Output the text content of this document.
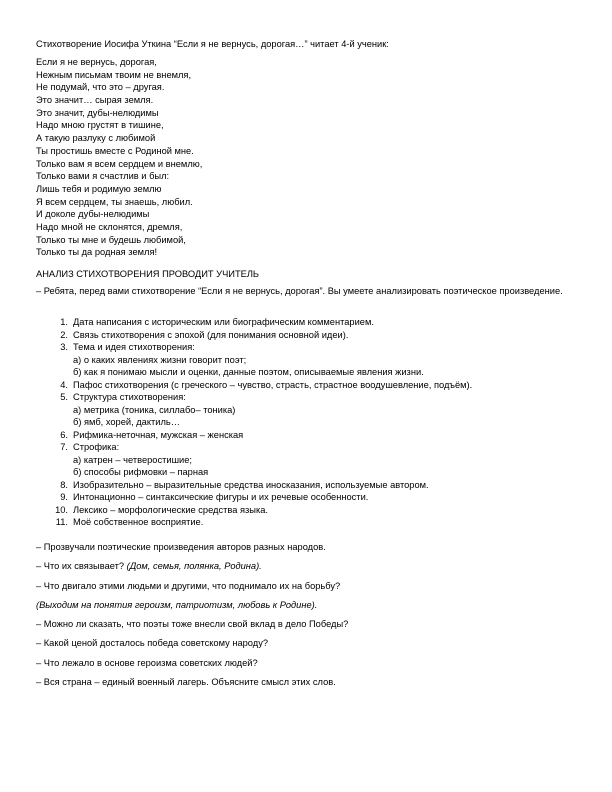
Стихотворение Иосифа Уткина “Если я не вернусь, дорогая…” читает 4-й ученик:
Если я не вернусь, дорогая,
Нежным письмам твоим не внемля,
Не подумай, что это – другая.
Это значит… сырая земля.
Это значит, дубы-нелюдимы
Надо мною грустят в тишине,
А такую разлуку с любимой
Ты простишь вместе с Родиной мне.
Только вам я всем сердцем и внемлю,
Только вами я счастлив и был:
Лишь тебя и родимую землю
Я всем сердцем, ты знаешь, любил.
И доколе дубы-нелюдимы
Надо мной не склонятся, дремля,
Только ты мне и будешь любимой,
Только ты да родная земля!
АНАЛИЗ СТИХОТВОРЕНИЯ ПРОВОДИТ УЧИТЕЛЬ
– Ребята, перед вами стихотворение “Если я не вернусь, дорогая”. Вы умеете анализировать поэтическое произведение.
1. Дата написания с историческим или биографическим комментарием.
2. Связь стихотворения с эпохой (для понимания основной идеи).
3. Тема и идея стихотворения:
а) о каких явлениях жизни говорит поэт;
б) как я понимаю мысли и оценки, данные поэтом, описываемые явления жизни.
4. Пафос стихотворения (с греческого – чувство, страсть, страстное воодушевление, подъём).
5. Структура стихотворения:
а) метрика (тоника, силлабо– тоника)
б) ямб, хорей, дактиль…
6. Рифмика-неточная, мужская – женская
7. Строфика:
а) катрен – четверостишие;
б) способы рифмовки – парная
8. Изобразительно – выразительные средства иносказания, используемые автором.
9. Интонационно – синтаксические фигуры и их речевые особенности.
10. Лексико – морфологические средства языка.
11. Моё собственное восприятие.
– Прозвучали поэтические произведения авторов разных народов.
– Что их связывает? (Дом, семья, полянка, Родина).
– Что двигало этими людьми и другими, что поднимало их на борьбу?
(Выходим на понятия героизм, патриотизм, любовь к Родине).
– Можно ли сказать, что поэты тоже внесли свой вклад в дело Победы?
– Какой ценой досталось победа советскому народу?
– Что лежало в основе героизма советских людей?
– Вся страна – единый военный лагерь. Объясните смысл этих слов.
